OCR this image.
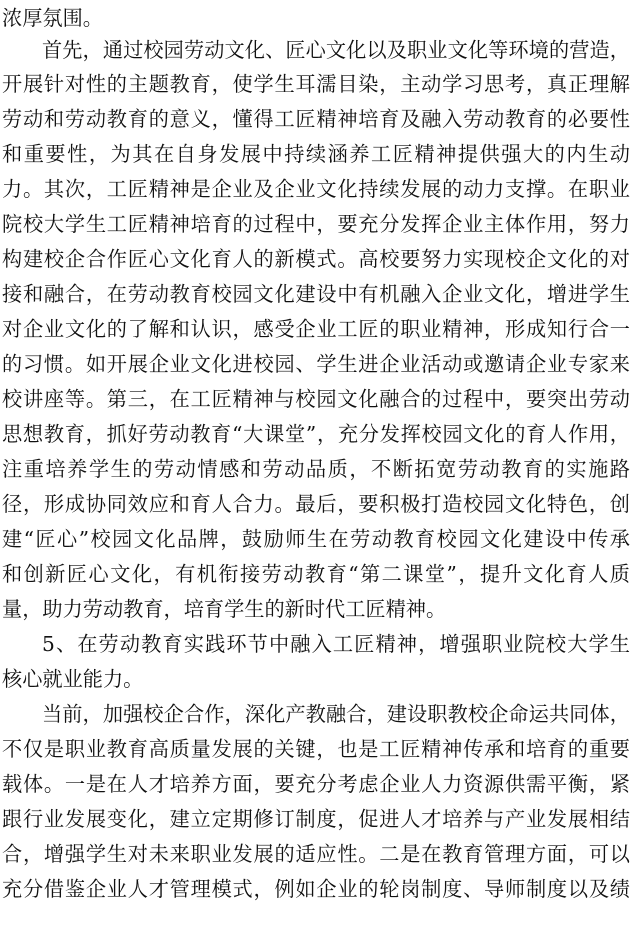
浓厚氛围。
首先，通过校园劳动文化、匠心文化以及职业文化等环境的营造，
开展针对性的主题教育，使学生耳濡目染，主动学习思考，真正理解
劳动和劳动教育的意义，懂得工匠精神培育及融入劳动教育的必要性
和重要性，为其在自身发展中持续涵养工匠精神提供强大的内生动
力。其次，工匠精神是企业及企业文化持续发展的动力支撑。在职业
院校大学生工匠精神培育的过程中，要充分发挥企业主体作用，努力
构建校企合作匠心文化育人的新模式。高校要努力实现校企文化的对
接和融合，在劳动教育校园文化建设中有机融入企业文化，增进学生
对企业文化的了解和认识，感受企业工匠的职业精神，形成知行合一
的习惯。如开展企业文化进校园、学生进企业活动或邀请企业专家来
校讲座等。第三，在工匠精神与校园文化融合的过程中，要突出劳动
思想教育，抓好劳动教育“大课堂”，充分发挥校园文化的育人作用，
注重培养学生的劳动情感和劳动品质，不断拓宽劳动教育的实施路
径，形成协同效应和育人合力。最后，要积极打造校园文化特色，创
建“匠心”校园文化品牌，鼓励师生在劳动教育校园文化建设中传承
和创新匠心文化，有机衔接劳动教育“第二课堂”，提升文化育人质
量，助力劳动教育，培育学生的新时代工匠精神。
5、在劳动教育实践环节中融入工匠精神，增强职业院校大学生
核心就业能力。
当前，加强校企合作，深化产教融合，建设职教校企命运共同体，
不仅是职业教育高质量发展的关键，也是工匠精神传承和培育的重要
载体。一是在人才培养方面，要充分考虑企业人力资源供需平衡，紧
跟行业发展变化，建立定期修订制度，促进人才培养与产业发展相结
合，增强学生对未来职业发展的适应性。二是在教育管理方面，可以
充分借鉴企业人才管理模式，例如企业的轮岗制度、导师制度以及绩
